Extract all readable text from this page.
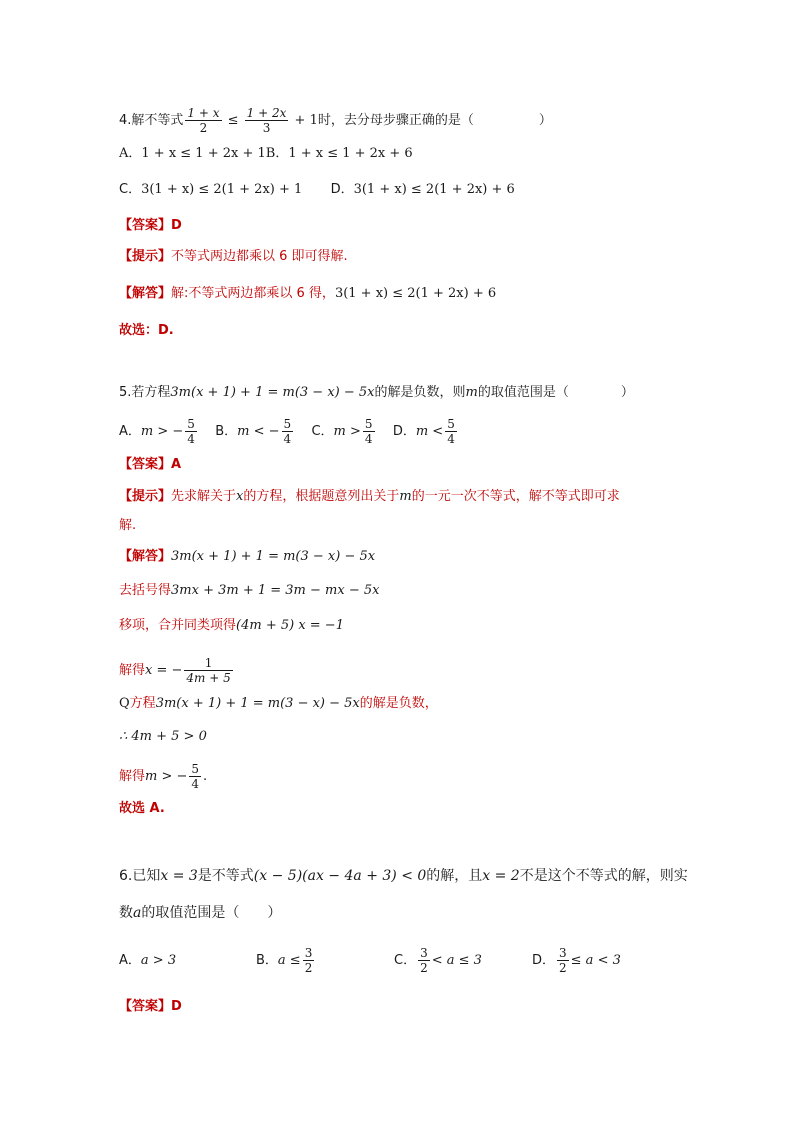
4.解不等式 $\frac{1 + x}{2} \le \frac{1 + 2x}{3} + 1$时，去分母步骤正确的是（　　　　　）
A．1 + x ≤ 1 + 2x + 1B．1 + x ≤ 1 + 2x + 6
C．3(1 + x) ≤ 2(1 + 2x) + 1 D．3(1 + x) ≤ 2(1 + 2x) + 6
【答案】D
【提示】不等式两边都乘以 6 即可得解.
【解答】解:不等式两边都乘以 6 得，3(1 + x) ≤ 2(1 + 2x) + 6
故选：D.
5.若方程3m(x + 1) + 1 = m(3 − x) − 5x的解是负数，则m的取值范围是（　　　　）
A．m > − $\frac{5}{4}$ B．m < − $\frac{5}{4}$ C．$m > \frac{5}{4}$ D．$m < \frac{5}{4}$
【答案】A
【提示】先求解关于x的方程，根据题意列出关于m的一元一次不等式，解不等式即可求
解.
【解答】3m(x + 1) + 1 = m(3 − x) − 5x
去括号得3mx + 3m + 1 = 3m − mx − 5x
移项，合并同类项得(4m + 5) x = −1
解得x = − $\frac{1}{4m + 5}$
Q方程3m(x + 1) + 1 = m(3 − x) − 5x的解是负数，
∴ 4m + 5 > 0
解得m > − $\frac{5}{4}$ .
故选 A.
6.已知x = 3是不等式(x − 5)(ax − 4a + 3) < 0的解，且x = 2不是这个不等式的解，则实
数a的取值范围是（　　）
A．a > 3	B．$a \le \frac{3}{2}$	C． $\frac{3}{2} < a \le 3$	D． $\frac{3}{2} \le a < 3$
【答案】D
